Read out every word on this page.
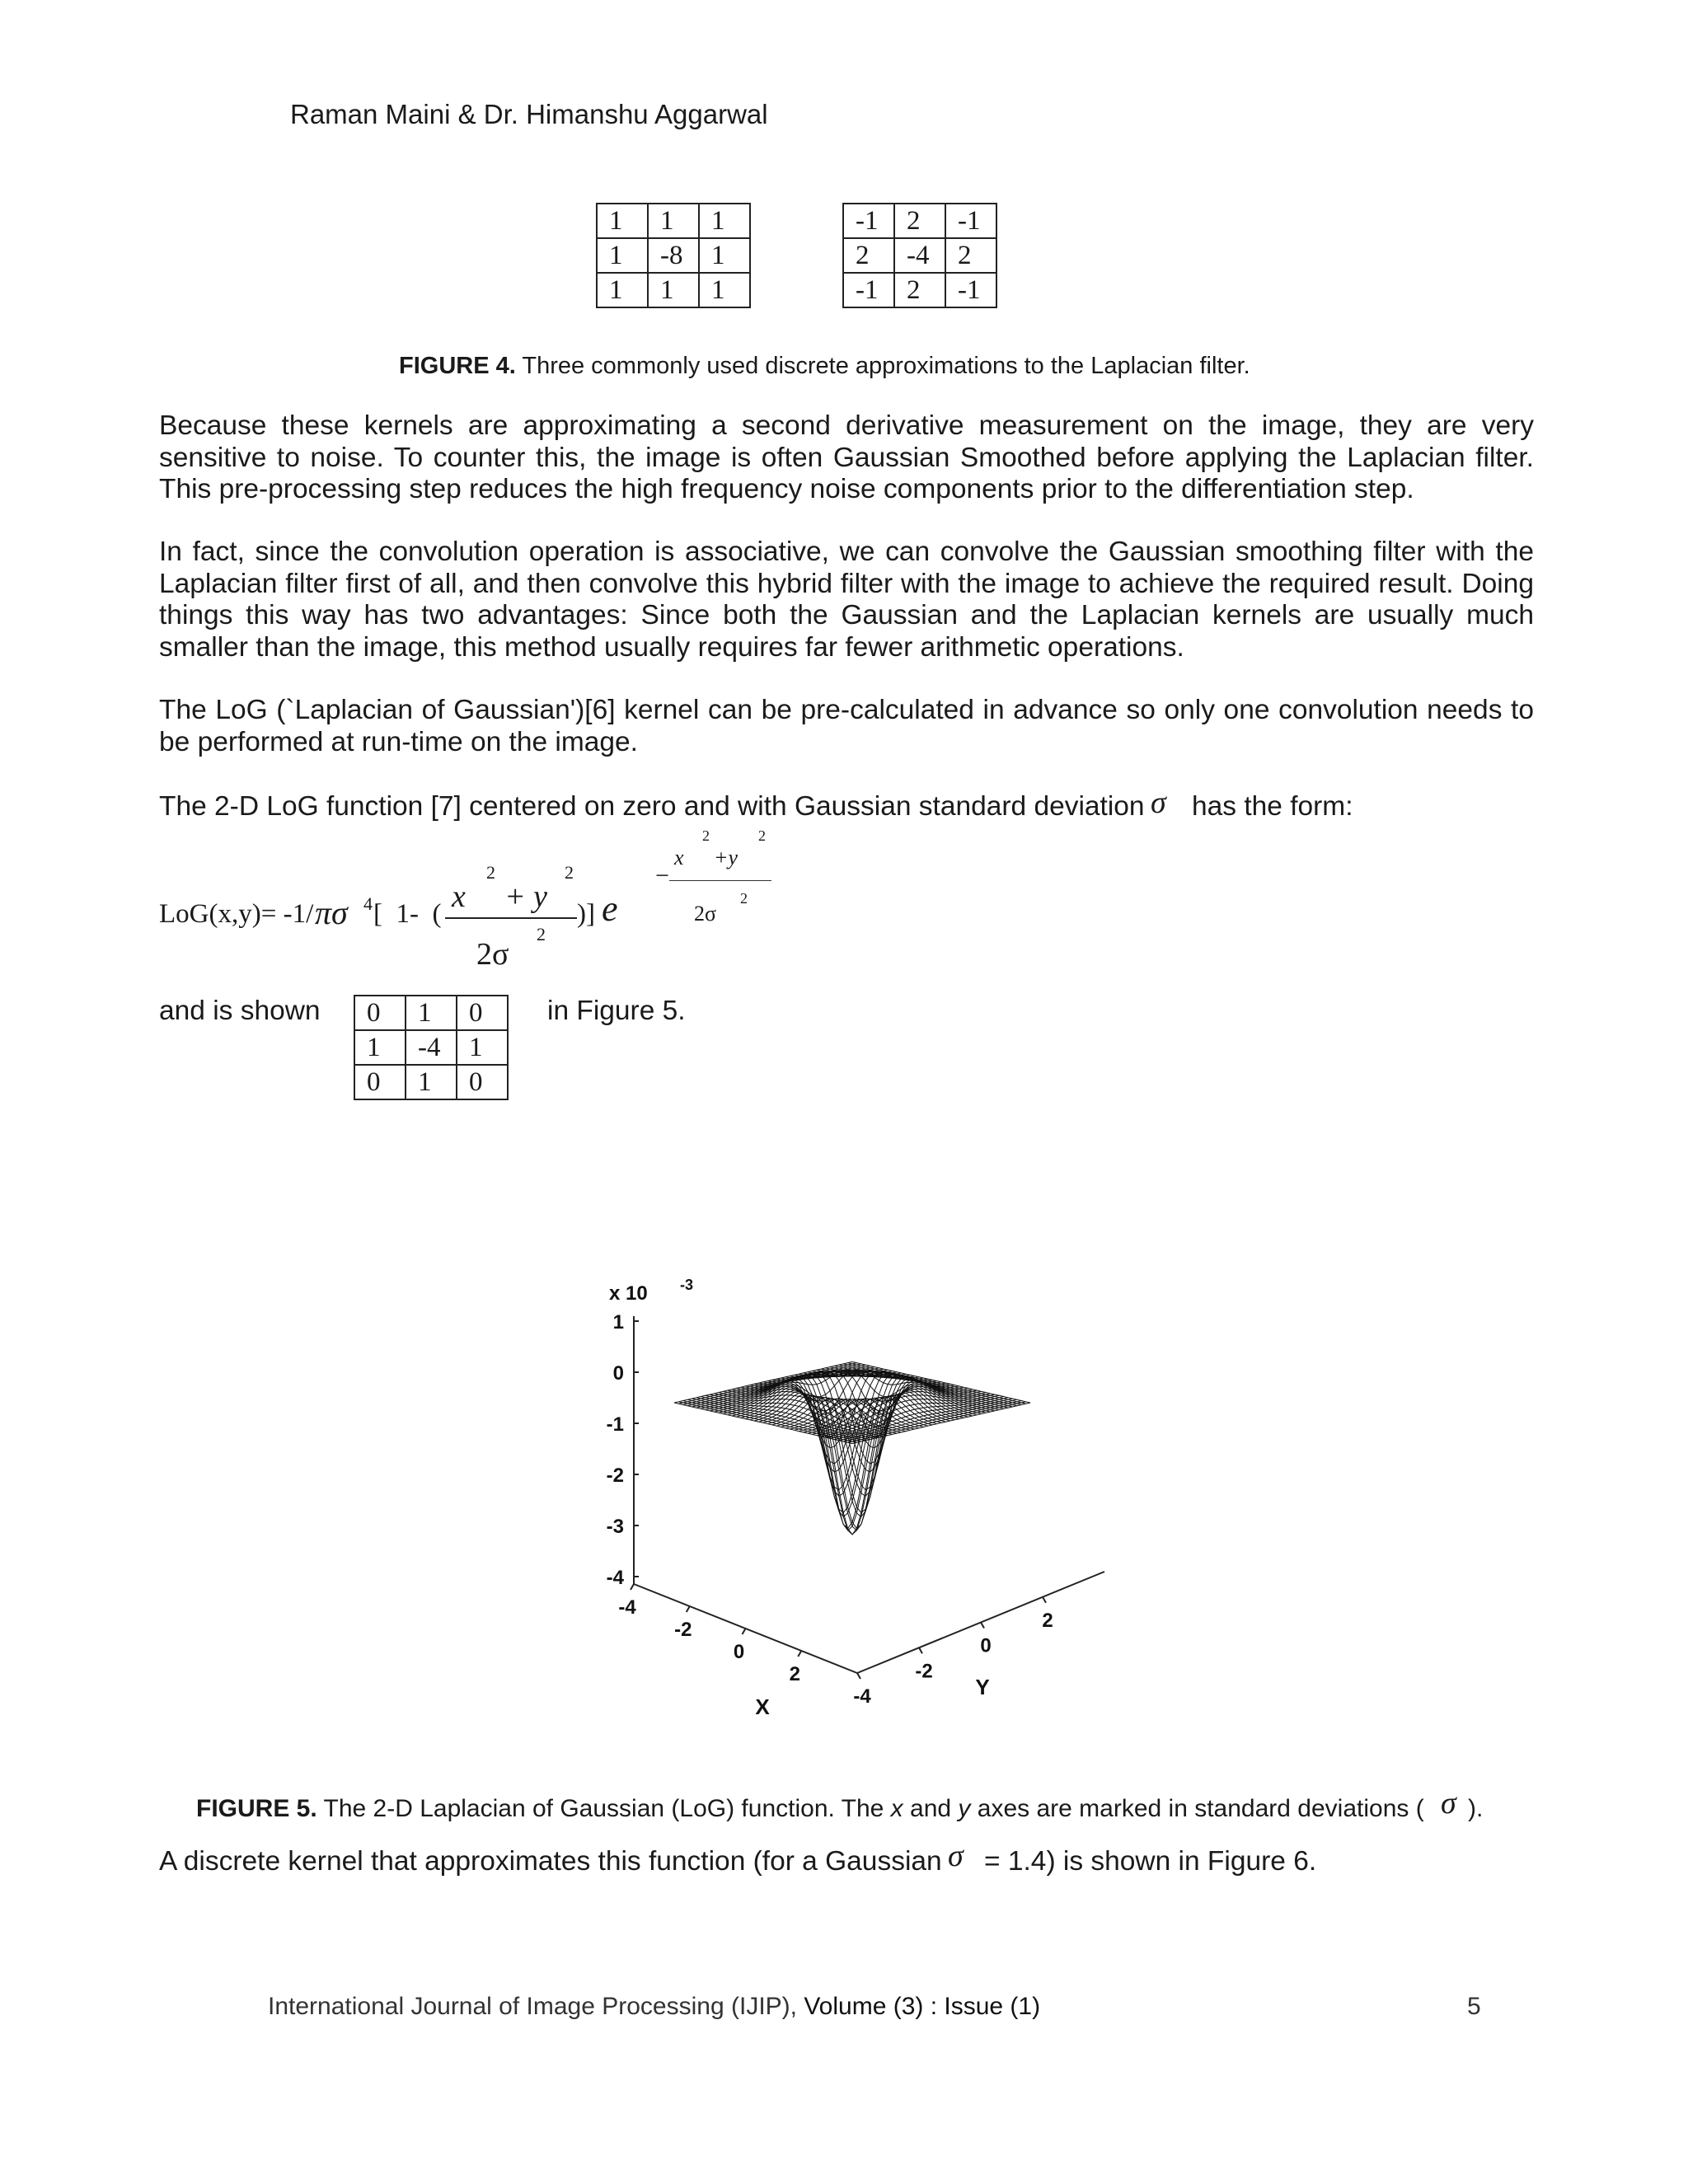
Raman Maini & Dr. Himanshu Aggarwal
1	1	1
1	-8	1
1	1	1
-1	2	-1
2	-4	2
-1	2	-1
FIGURE 4. Three commonly used discrete approximations to the Laplacian filter.
Because these kernels are approximating a second derivative measurement on the image, they are very sensitive to noise. To counter this, the image is often Gaussian Smoothed before applying the Laplacian filter. This pre-processing step reduces the high frequency noise components prior to the differentiation step.
In fact, since the convolution operation is associative, we can convolve the Gaussian smoothing filter with the Laplacian filter first of all, and then convolve this hybrid filter with the image to achieve the required result. Doing things this way has two advantages: Since both the Gaussian and the Laplacian kernels are usually much smaller than the image, this method usually requires far fewer arithmetic operations.
The LoG (`Laplacian of Gaussian')[6] kernel can be pre-calculated in advance so only one convolution needs to be performed at run-time on the image.
The 2-D LoG function [7] centered on zero and with Gaussian standard deviation σ has the form:
LoG(x,y)= -1/ πσ 4 [  1-  ( x
2
+ y
2
2σ
2
)] e
−
x
2
+y
2
2σ
2
and is shown 0	1	0
1	-4	1
0	1	0
in Figure 5.
1
0
-1
-2
-3
-4
x 10 -3
-4
-2
0
2
-4
-2
0
2
X
Y
FIGURE 5. The 2-D Laplacian of Gaussian (LoG) function. The x and y axes are marked in standard deviations ( σ ).
A discrete kernel that approximates this function (for a Gaussian σ = 1.4) is shown in Figure 6.
International Journal of Image Processing (IJIP), Volume (3) : Issue (1)	5
